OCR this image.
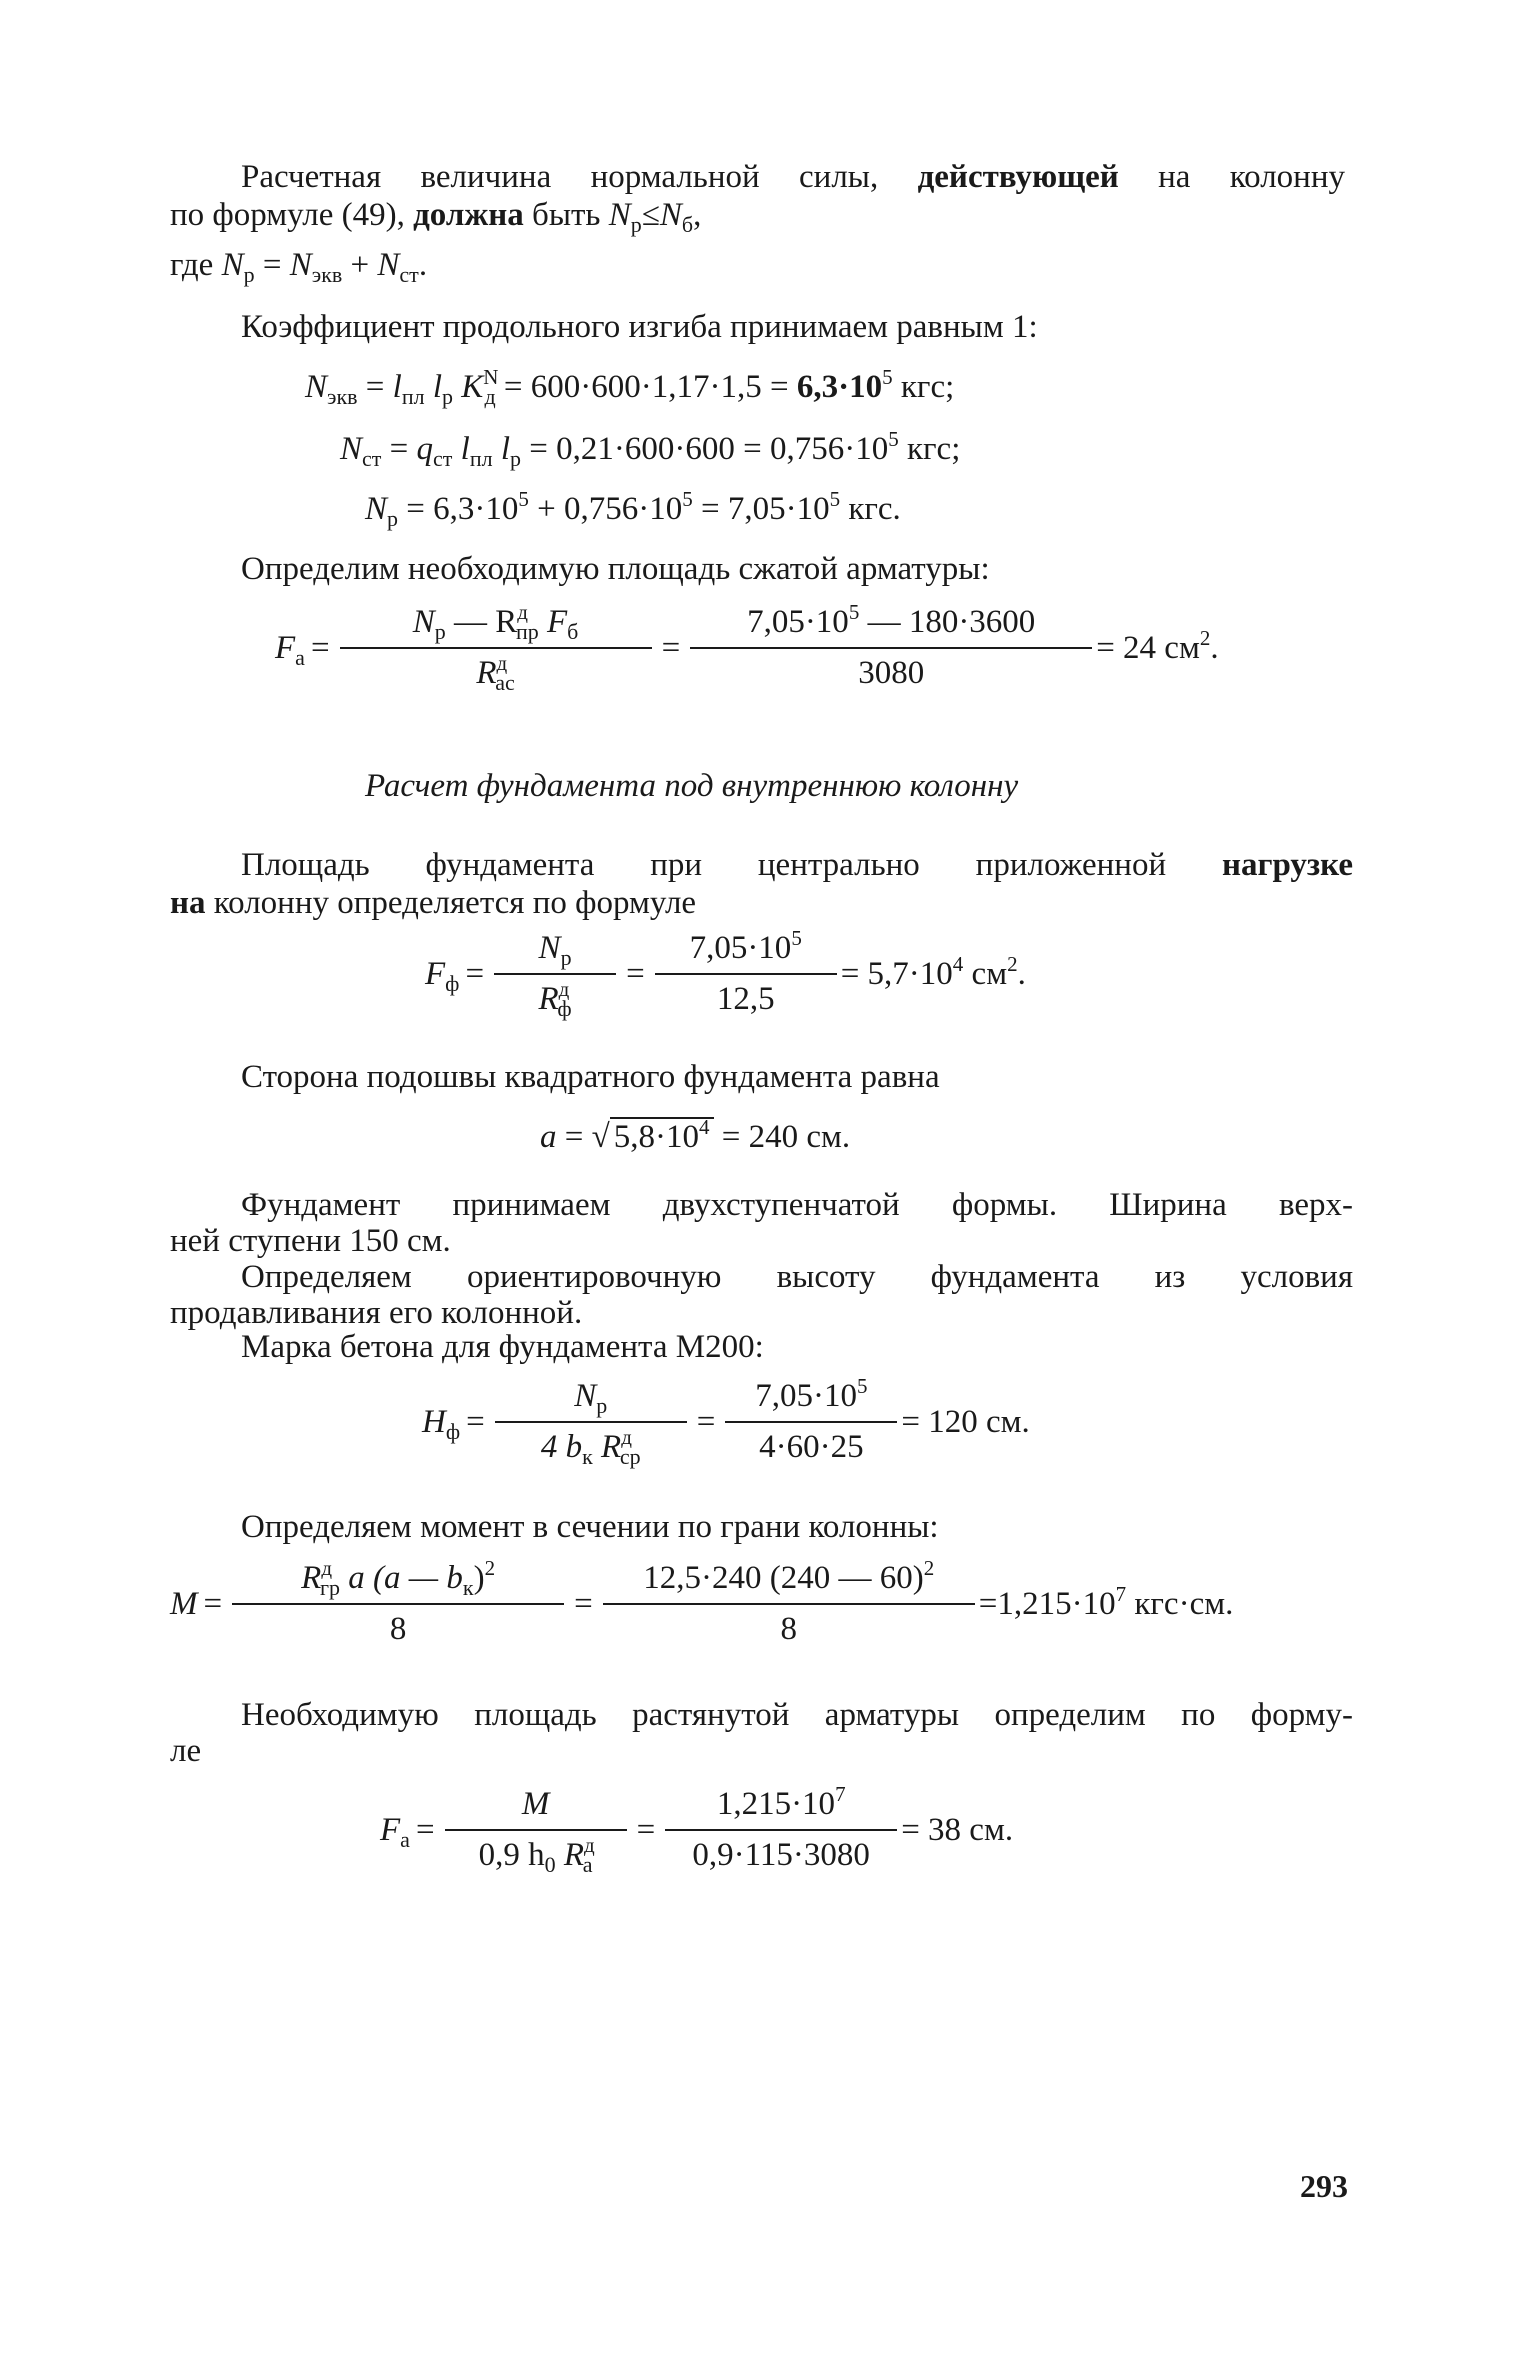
Расчетная величина нормальной силы, действующей на колонну
по формуле (49), должна быть $N_р\le N_б$,
где $N_р = N_{экв} + N_{ст}$.
Коэффициент продольного изгиба принимаем равным 1:
$N_{экв} = l_{пл}$ $l_р$ $K^N_д = 600\cdot 600\cdot 1,17\cdot 1,5 = 6,3\cdot 10^5$ кгс;
$N_{ст} = q_{ст}$ $l_{пл}$ $l_р = 0,21\cdot 600\cdot 600 = 0,756\cdot 10^5$ кгс;
$N_р = 6,3\cdot 10^5 + 0,756\cdot 10^5 = 7,05\cdot 10^5$ кгс.
Определим необходимую площадь сжатой арматуры:
$F_а = \frac{N_р — R^д_{пр} F_б}{R^д_{ас}} = \frac{7,05\cdot 10^5 — 180\cdot 3600}{3080} = 24$ $см^2$.
Расчет фундамента под внутреннюю колонну
Площадь фундамента при центрально приложенной нагрузке
на колонну определяется по формуле
$F_ф = \frac{N_р}{R^д_ф} = \frac{7,05\cdot 10^5}{12,5} = 5,7\cdot 10^4$ $см^2$.
Сторона подошвы квадратного фундамента равна
a = √ $5,8\cdot 10^4 = 240$ см.
Фундамент принимаем двухступенчатой формы. Ширина верх-
ней ступени 150 см.
Определяем ориентировочную высоту фундамента из условия
продавливания его колонной.
Марка бетона для фундамента М200:
$H_ф = \frac{N_р}{4 b_к R^д_{ср}} = \frac{7,05\cdot 10^5}{4\cdot 60\cdot 25} = 120$ см.
Определяем момент в сечении по грани колонны:
$M = \frac{R^д_{гр} a (a — b_к)^2}{8} = \frac{12,5\cdot 240 (240 — 60)^2}{8} =1,215\cdot 10^7$ кгс·см.
Необходимую площадь растянутой арматуры определим по форму-
ле
$F_а = \frac{M}{0,9 h_0 R^д_а} = \frac{1,215\cdot 10^7}{0,9\cdot 115\cdot 3080} = 38$ см.
293
